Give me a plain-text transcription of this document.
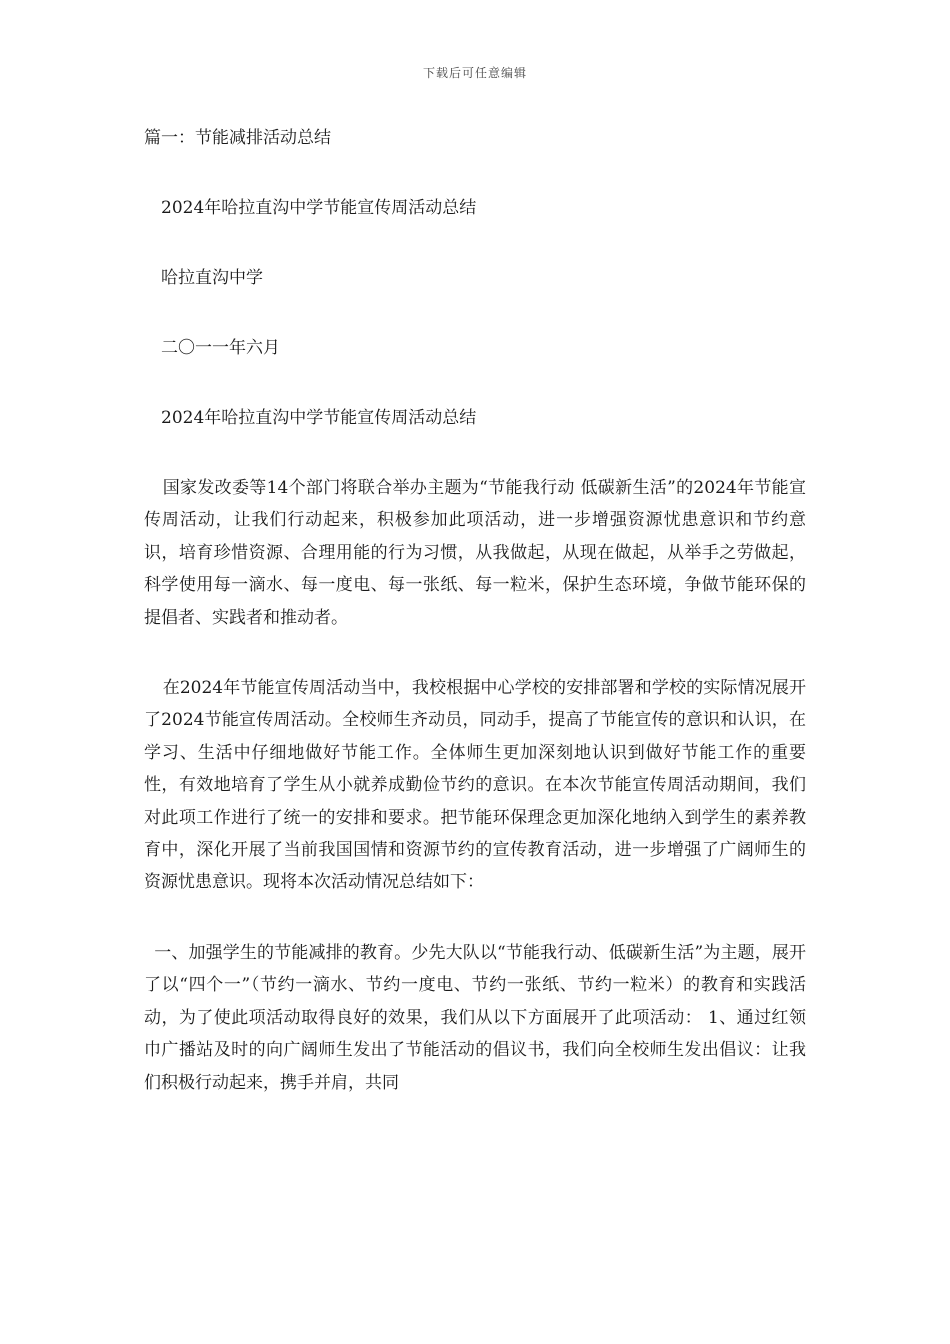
下载后可任意编辑

篇一：节能减排活动总结

2024年哈拉直沟中学节能宣传周活动总结

哈拉直沟中学

二〇一一年六月

2024年哈拉直沟中学节能宣传周活动总结

国家发改委等14个部门将联合举办主题为“节能我行动 低碳新生活”的2024年节能宣传周活动，让我们行动起来，积极参加此项活动，进一步增强资源忧患意识和节约意识，培育珍惜资源、合理用能的行为习惯，从我做起，从现在做起，从举手之劳做起，科学使用每一滴水、每一度电、每一张纸、每一粒米，保护生态环境，争做节能环保的提倡者、实践者和推动者。

在2024年节能宣传周活动当中，我校根据中心学校的安排部署和学校的实际情况展开了2024节能宣传周活动。全校师生齐动员，同动手，提高了节能宣传的意识和认识，在学习、生活中仔细地做好节能工作。全体师生更加深刻地认识到做好节能工作的重要性，有效地培育了学生从小就养成勤俭节约的意识。在本次节能宣传周活动期间，我们对此项工作进行了统一的安排和要求。把节能环保理念更加深化地纳入到学生的素养教育中，深化开展了当前我国国情和资源节约的宣传教育活动，进一步增强了广阔师生的资源忧患意识。现将本次活动情况总结如下：

一、加强学生的节能减排的教育。少先大队以“节能我行动、低碳新生活”为主题，展开了以“四个一”（节约一滴水、节约一度电、节约一张纸、节约一粒米）的教育和实践活动，为了使此项活动取得良好的效果，我们从以下方面展开了此项活动： 1、通过红领巾广播站及时的向广阔师生发出了节能活动的倡议书，我们向全校师生发出倡议：让我们积极行动起来，携手并肩，共同
